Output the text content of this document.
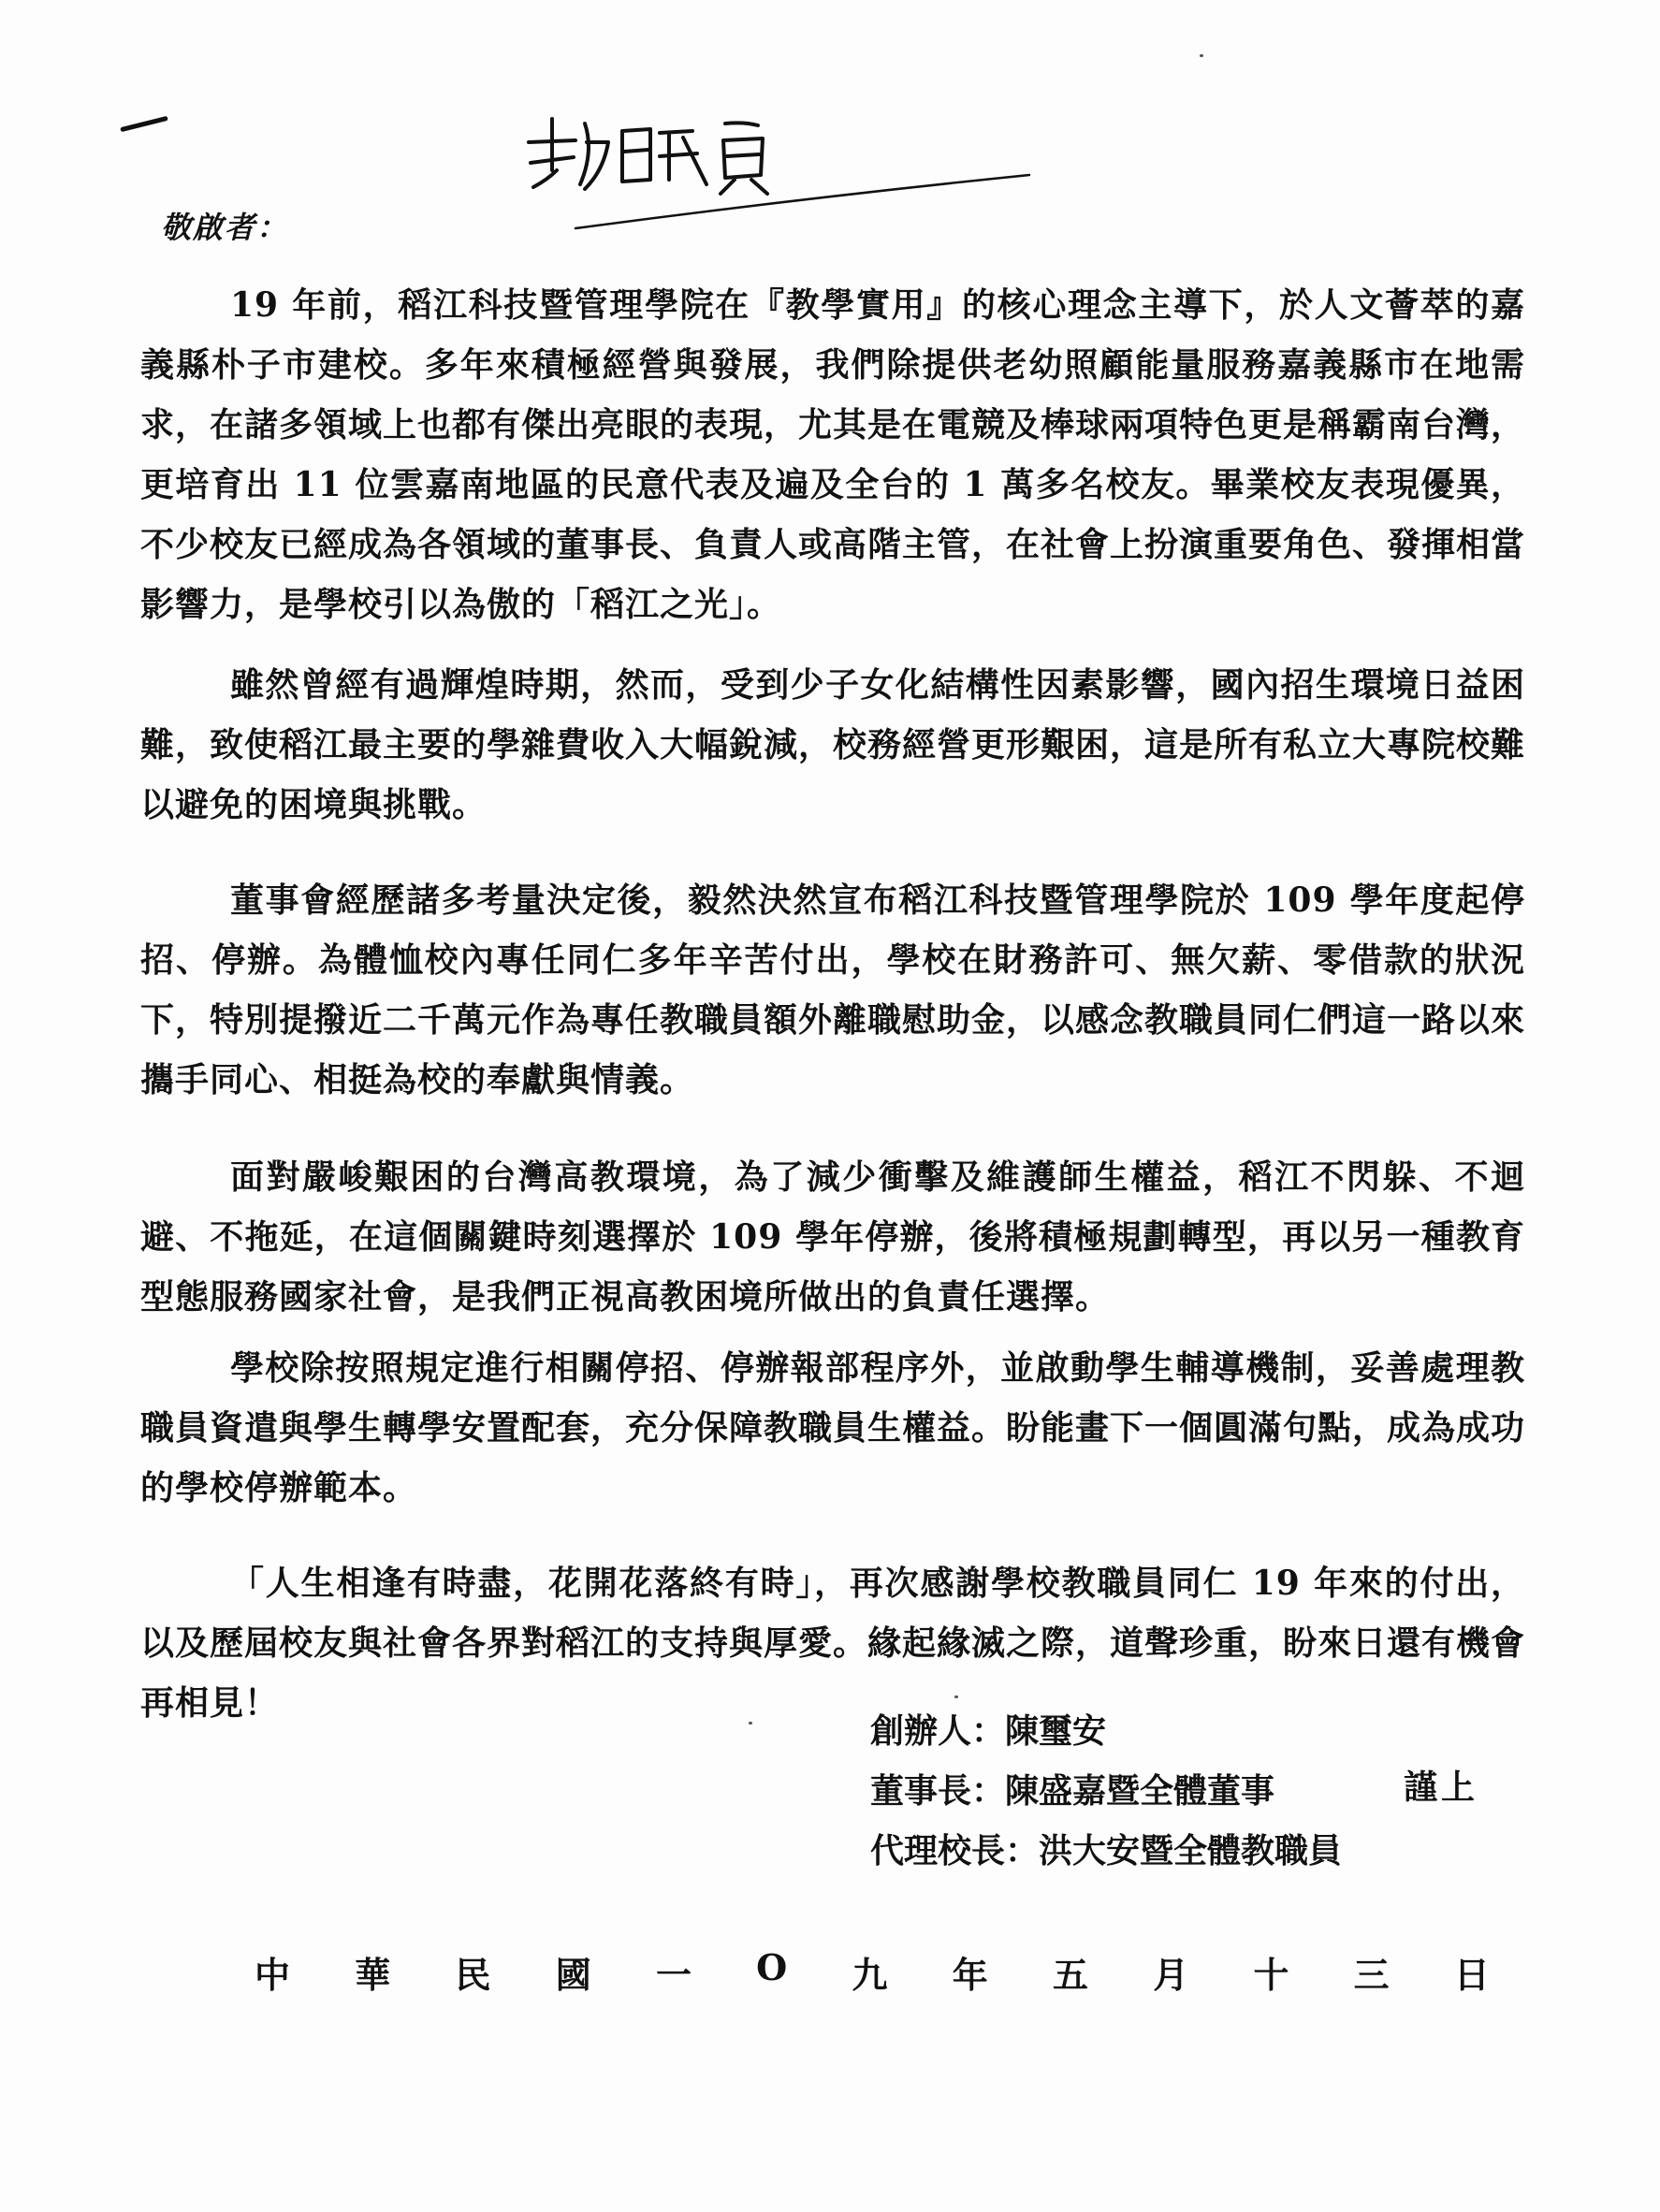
敬啟者：

19 年前，稻江科技暨管理學院在『教學實用』的核心理念主導下，於人文薈萃的嘉義縣朴子市建校。多年來積極經營與發展，我們除提供老幼照顧能量服務嘉義縣市在地需求，在諸多領域上也都有傑出亮眼的表現，尤其是在電競及棒球兩項特色更是稱霸南台灣，更培育出 11 位雲嘉南地區的民意代表及遍及全台的 1 萬多名校友。畢業校友表現優異，不少校友已經成為各領域的董事長、負責人或高階主管，在社會上扮演重要角色、發揮相當影響力，是學校引以為傲的「稻江之光」。

雖然曾經有過輝煌時期，然而，受到少子女化結構性因素影響，國內招生環境日益困難，致使稻江最主要的學雜費收入大幅銳減，校務經營更形艱困，這是所有私立大專院校難以避免的困境與挑戰。

董事會經歷諸多考量決定後，毅然決然宣布稻江科技暨管理學院於 109 學年度起停招、停辦。為體恤校內專任同仁多年辛苦付出，學校在財務許可、無欠薪、零借款的狀況下，特別提撥近二千萬元作為專任教職員額外離職慰助金，以感念教職員同仁們這一路以來攜手同心、相挺為校的奉獻與情義。

面對嚴峻艱困的台灣高教環境，為了減少衝擊及維護師生權益，稻江不閃躲、不迴避、不拖延，在這個關鍵時刻選擇於 109 學年停辦，後將積極規劃轉型，再以另一種教育型態服務國家社會，是我們正視高教困境所做出的負責任選擇。

學校除按照規定進行相關停招、停辦報部程序外，並啟動學生輔導機制，妥善處理教職員資遣與學生轉學安置配套，充分保障教職員生權益。盼能畫下一個圓滿句點，成為成功的學校停辦範本。

「人生相逢有時盡，花開花落終有時」，再次感謝學校教職員同仁 19 年來的付出，以及歷屆校友與社會各界對稻江的支持與厚愛。緣起緣滅之際，道聲珍重，盼來日還有機會再相見！

創辦人：陳璽安
董事長：陳盛嘉暨全體董事
代理校長：洪大安暨全體教職員
謹上
中 華 民 國 一 O 九 年 五 月 十 三 日
